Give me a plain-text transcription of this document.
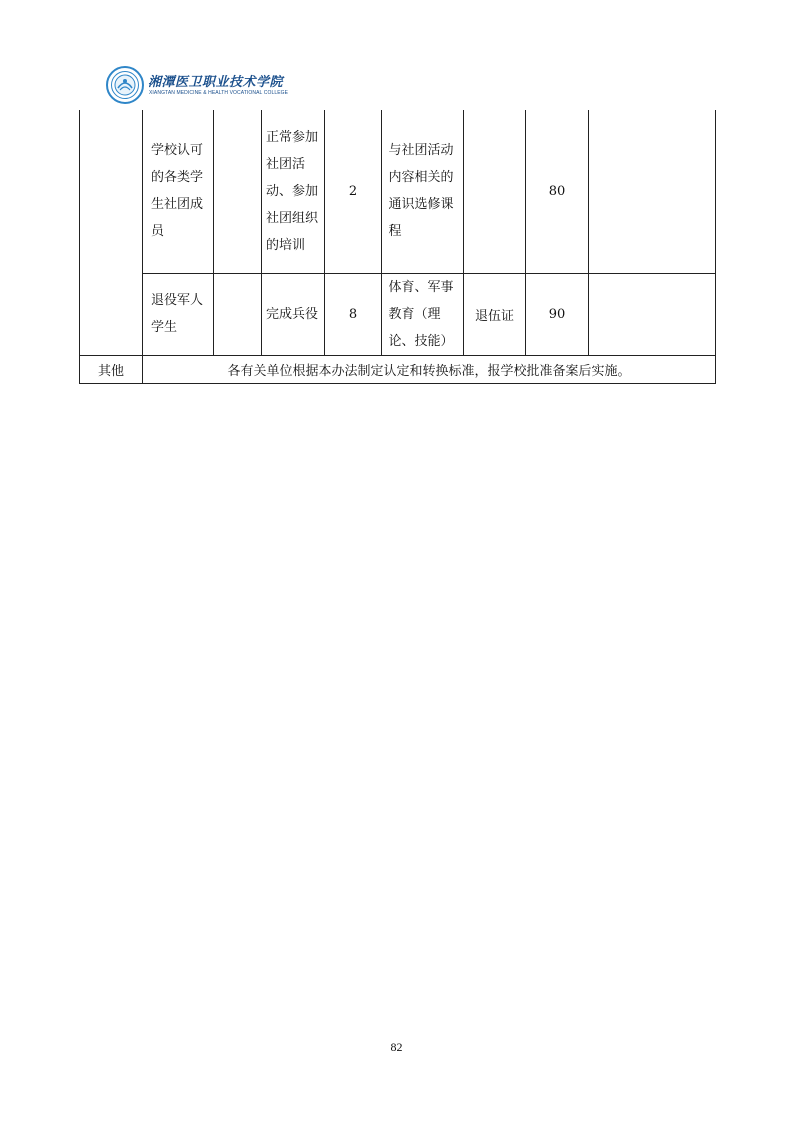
湘潭医卫职业技术学院
XIANGTAN MEDICINE & HEALTH VOCATIONAL COLLEGE
	学校认可的各类学生社团成员		正常参加社团活动、参加社团组织的培训	2	与社团活动内容相关的通识选修课程		80	
	退役军人学生		完成兵役	8	体育、军事教育（理论、技能）	退伍证	90	
其他	各有关单位根据本办法制定认定和转换标准，报学校批准备案后实施。							
82
